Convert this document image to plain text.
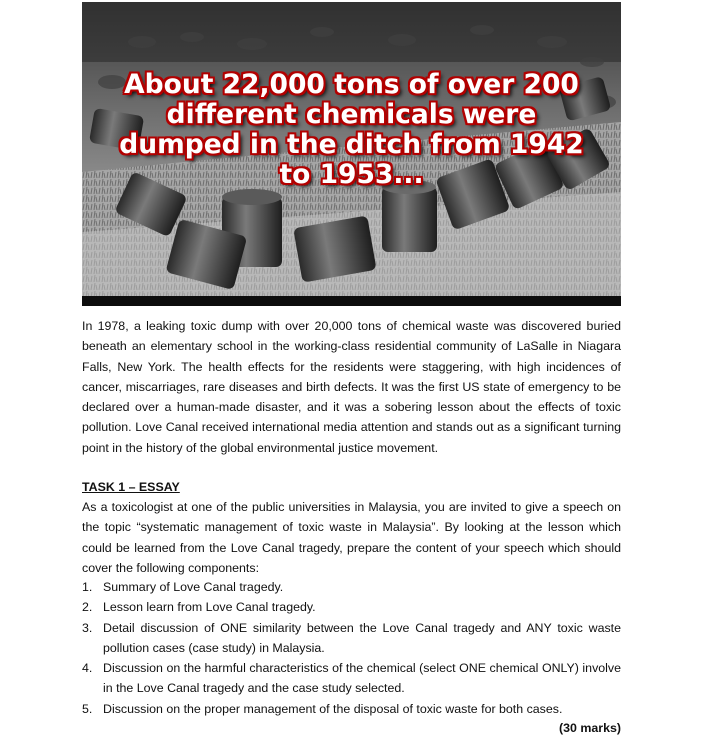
About 22,000 tons of over 200
different chemicals were
dumped in the ditch from 1942
to 1953...

In 1978, a leaking toxic dump with over 20,000 tons of chemical waste was discovered buried beneath an elementary school in the working-class residential community of LaSalle in Niagara Falls, New York. The health effects for the residents were staggering, with high incidences of cancer, miscarriages, rare diseases and birth defects. It was the first US state of emergency to be declared over a human-made disaster, and it was a sobering lesson about the effects of toxic pollution. Love Canal received international media attention and stands out as a significant turning point in the history of the global environmental justice movement.

TASK 1 – ESSAY

As a toxicologist at one of the public universities in Malaysia, you are invited to give a speech on the topic “systematic management of toxic waste in Malaysia”. By looking at the lesson which could be learned from the Love Canal tragedy, prepare the content of your speech which should cover the following components:

1. Summary of Love Canal tragedy.
2. Lesson learn from Love Canal tragedy.
3. Detail discussion of ONE similarity between the Love Canal tragedy and ANY toxic waste pollution cases (case study) in Malaysia.
4. Discussion on the harmful characteristics of the chemical (select ONE chemical ONLY) involve in the Love Canal tragedy and the case study selected.
5. Discussion on the proper management of the disposal of toxic waste for both cases.
(30 marks)
